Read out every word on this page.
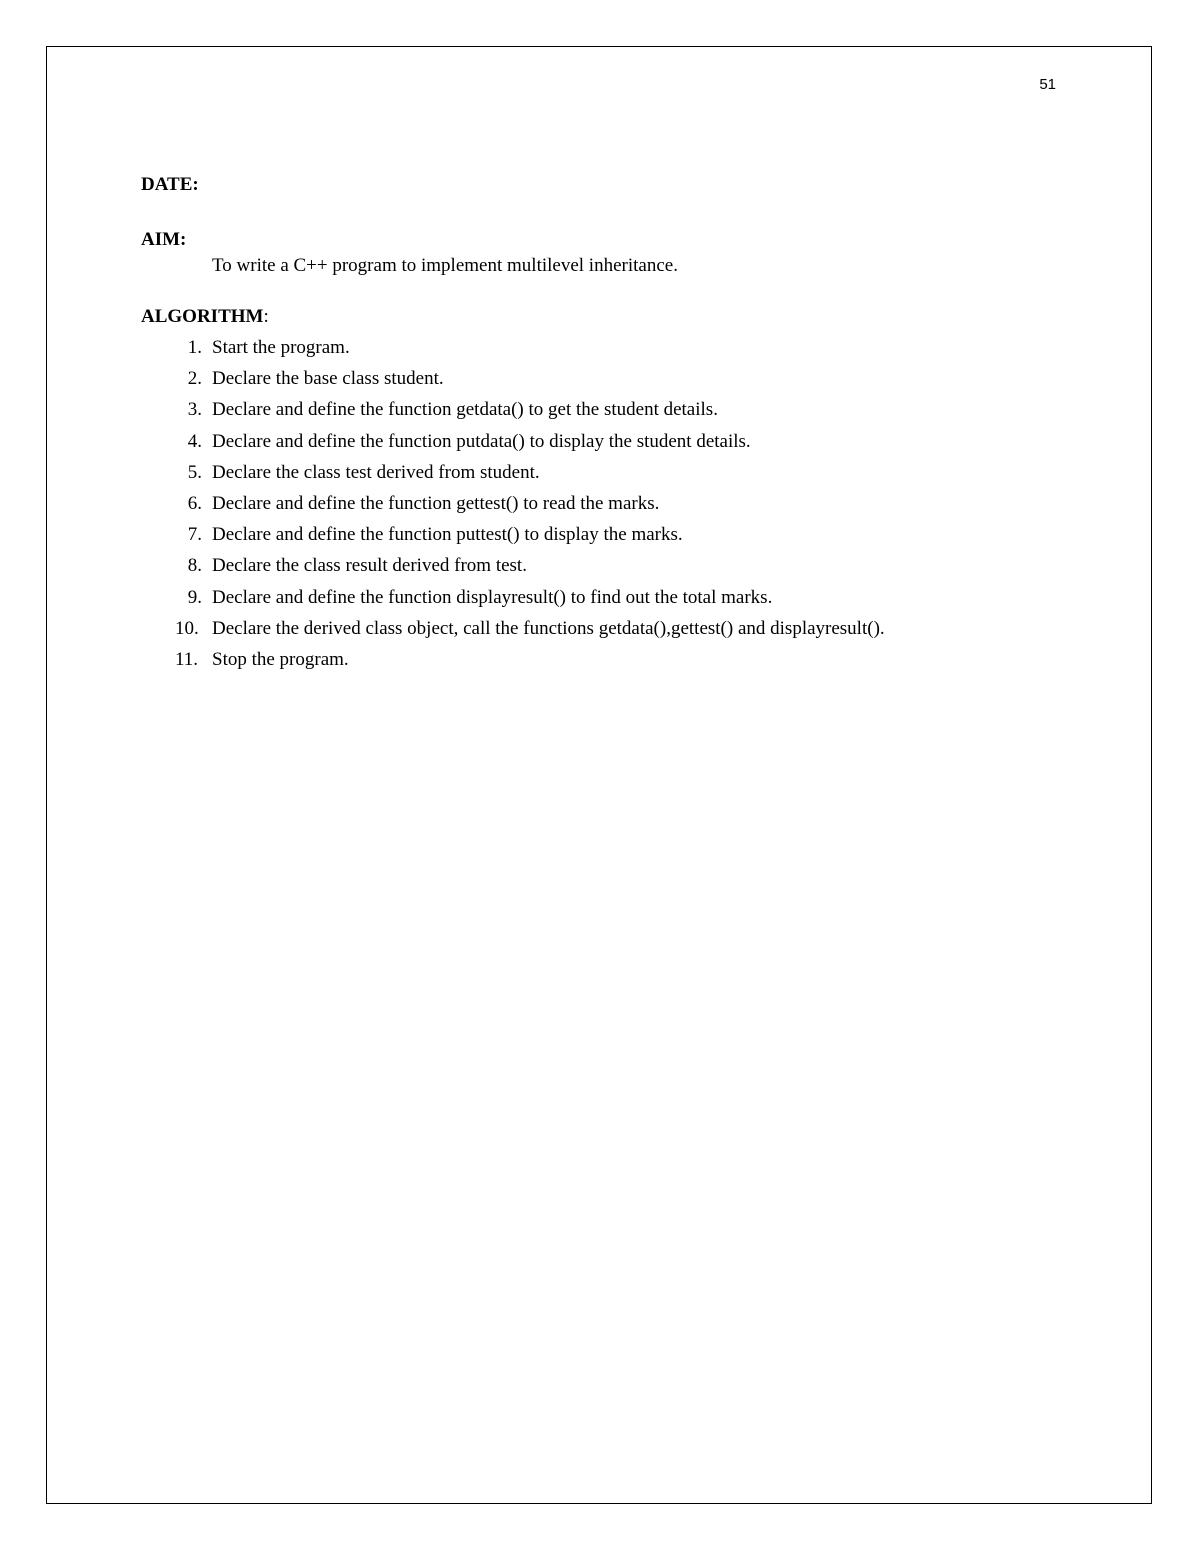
51

DATE:

AIM:

To write a C++ program to implement multilevel inheritance.

ALGORITHM:

1. Start the program.
2. Declare the base class student.
3. Declare and define the function getdata() to get the student details.
4. Declare and define the function putdata() to display the student details.
5. Declare the class test derived from student.
6. Declare and define the function gettest() to read the marks.
7. Declare and define the function puttest() to display the marks.
8. Declare the class result derived from test.
9. Declare and define the function displayresult() to find out the total marks.
10. Declare the derived class object, call the functions getdata(),gettest() and displayresult().
11. Stop the program.
